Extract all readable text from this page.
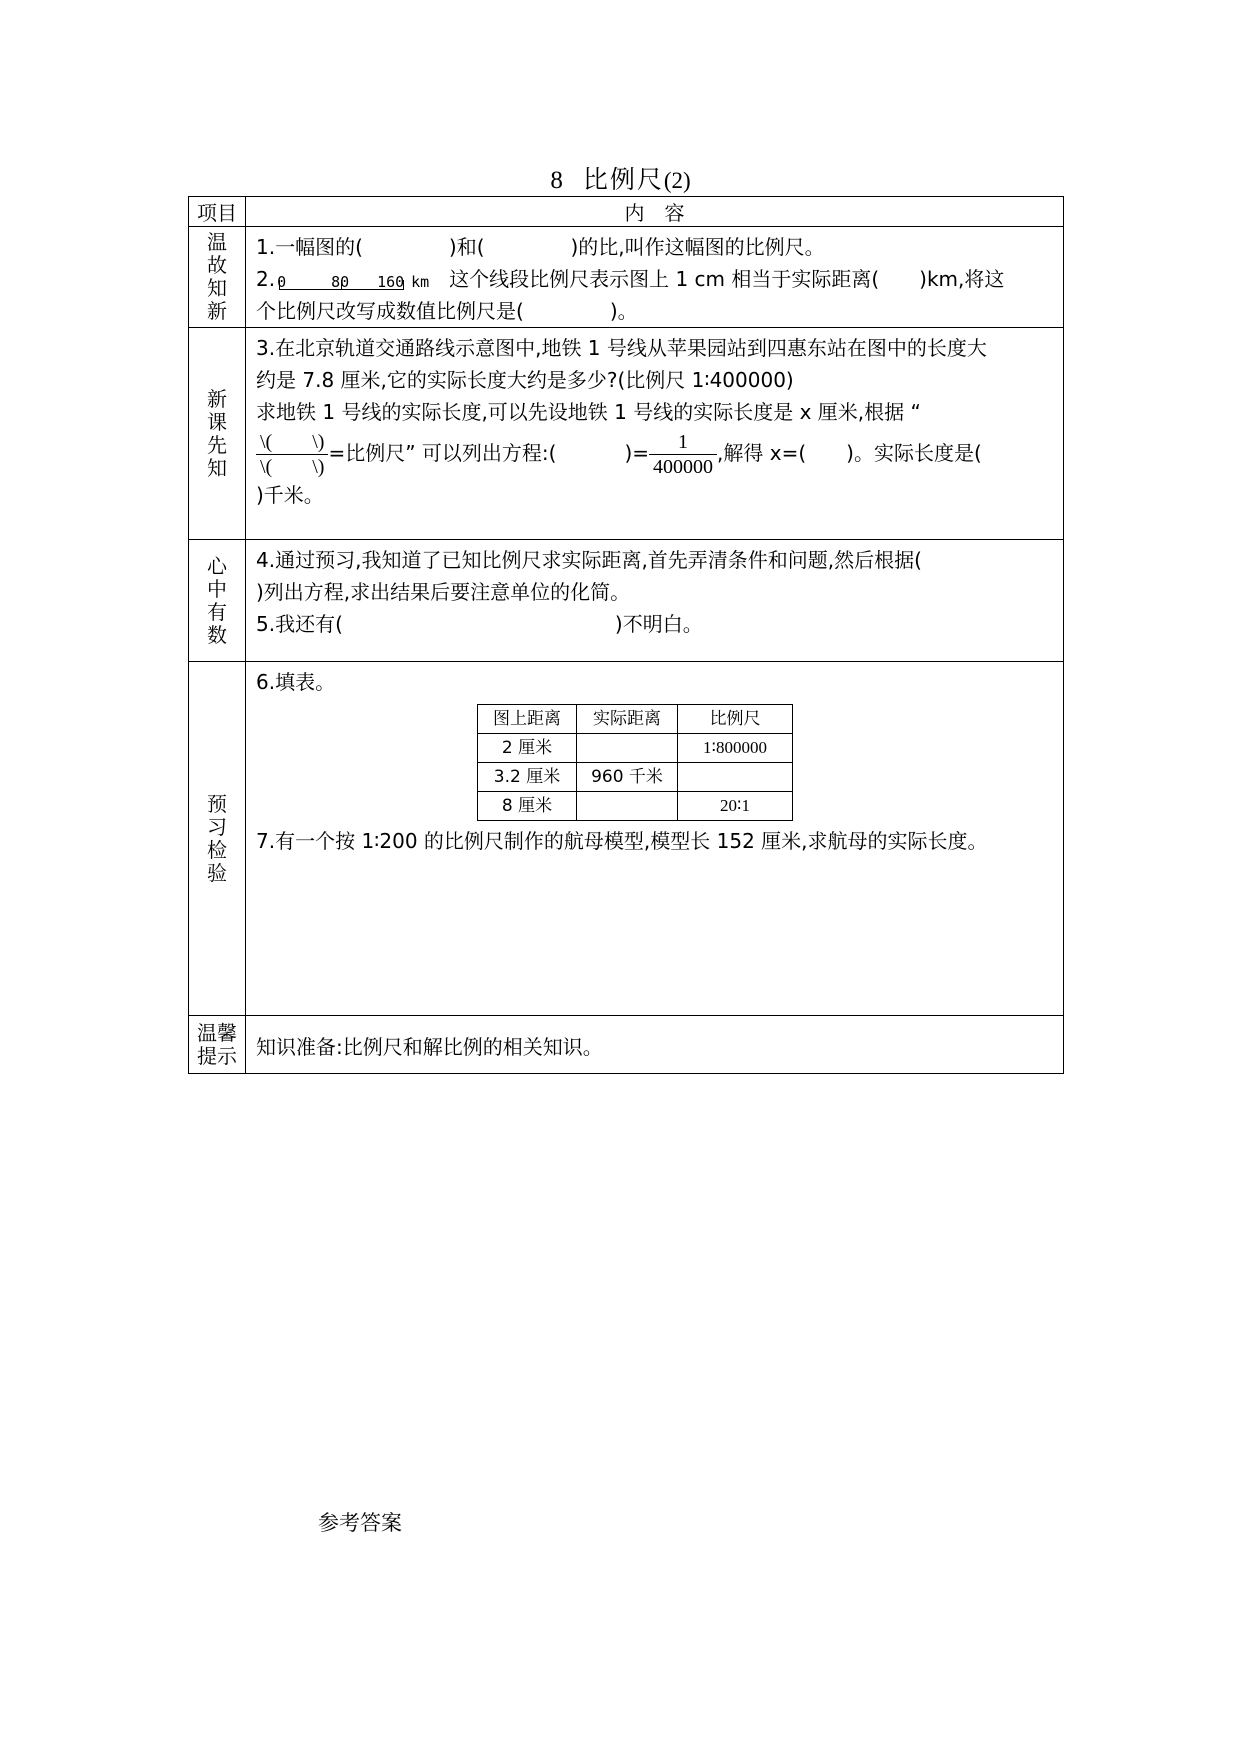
8 比例尺(2)
项目	内　容
温故知新	
1.一幅图的(	)和(	)的比,叫作这幅图的比例尺。
2. 0	80 160 km 这个线段比例尺表示图上 1 cm 相当于实际距离( )km,将这
个比例尺改写成数值比例尺是(	)。

新课先知	
3.在北京轨道交通路线示意图中,地铁 1 号线从苹果园站到四惠东站在图中的长度大
约是 7.8 厘米,它的实际长度大约是多少?(比例尺 1∶400000)
求地铁 1 号线的实际长度,可以先设地铁 1 号线的实际长度是 x 厘米,根据 “
$\frac{\backslash( \backslash)}{\backslash( \backslash)}$ =比例尺” 可以列出方程:(	)= $\frac{1}{400000}$ ,解得 x=( )。实际长度是(
)千米。

心中有数	
4.通过预习,我知道了已知比例尺求实际距离,首先弄清条件和问题,然后根据(
)列出方程,求出结果后要注意单位的化简。
5.我还有(	)不明白。

预习检验	
6.填表。
图上距离	实际距离	比例尺
2 厘米		1∶800000
3.2 厘米	960 千米	
8 厘米		20∶1
7.有一个按 1∶200 的比例尺制作的航母模型,模型长 152 厘米,求航母的实际长度。

温馨提示	知识准备:比例尺和解比例的相关知识。
参考答案
